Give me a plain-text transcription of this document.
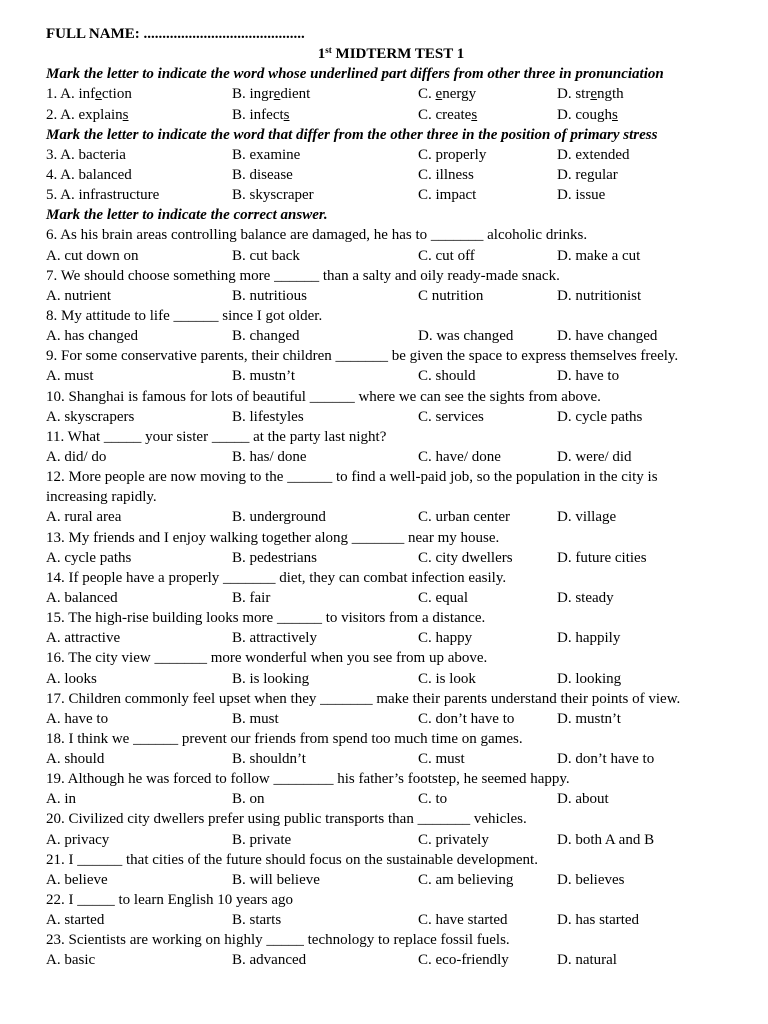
FULL NAME: ...........................................
1st MIDTERM TEST 1
Mark the letter to indicate the word whose underlined part differs from other three in pronunciation
1. A. infection	B. ingredient	C. energy	D. strength
2. A. explains	B. infects	C. creates	D. coughs
Mark the letter to indicate the word that differ from the other three in the position of primary stress
3. A. bacteria	B. examine	C. properly	D. extended
4. A. balanced	B. disease	C. illness	D. regular
5. A. infrastructure	B. skyscraper	C. impact	D. issue
Mark the letter to indicate the correct answer.
6. As his brain areas controlling balance are damaged, he has to _______ alcoholic drinks.
A. cut down on	B. cut back	C. cut off	D. make a cut
7. We should choose something more ______ than a salty and oily ready-made snack.
A. nutrient	B. nutritious	C nutrition	D. nutritionist
8. My attitude to life ______ since I got older.
A. has changed	B. changed	D. was changed	D. have changed
9. For some conservative parents, their children _______ be given the space to express themselves freely.
A. must	B. mustn’t	C. should	D. have to
10. Shanghai is famous for lots of beautiful ______ where we can see the sights from above.
A. skyscrapers	B. lifestyles	C. services	D. cycle paths
11. What _____ your sister _____ at the party last night?
A. did/ do	B. has/ done	C. have/ done	D. were/ did
12. More people are now moving to the ______ to find a well-paid job, so the population in the city is
increasing rapidly.
A. rural area	B. underground	C. urban center	D. village
13. My friends and I enjoy walking together along _______ near my house.
A. cycle paths	B. pedestrians	C. city dwellers	D. future cities
14. If people have a properly _______ diet, they can combat infection easily.
A. balanced	B. fair	C. equal	D. steady
15. The high-rise building looks more ______ to visitors from a distance.
A. attractive	B. attractively	C. happy	D. happily
16. The city view _______ more wonderful when you see from up above.
A. looks	B. is looking	C. is look	D. looking
17. Children commonly feel upset when they _______ make their parents understand their points of view.
A. have to	B. must	C. don’t have to	D. mustn’t
18. I think we ______ prevent our friends from spend too much time on games.
A. should	B. shouldn’t	C. must	D. don’t have to
19. Although he was forced to follow ________ his father’s footstep, he seemed happy.
A. in	B. on	C. to	D. about
20. Civilized city dwellers prefer using public transports than _______ vehicles.
A. privacy	B. private	C. privately	D. both A and B
21. I ______ that cities of the future should focus on the sustainable development.
A. believe	B. will believe	C. am believing	D. believes
22. I _____ to learn English 10 years ago
A. started	B. starts	C. have started	D. has started
23. Scientists are working on highly _____ technology to replace fossil fuels.
A. basic	B. advanced	C. eco-friendly	D. natural
